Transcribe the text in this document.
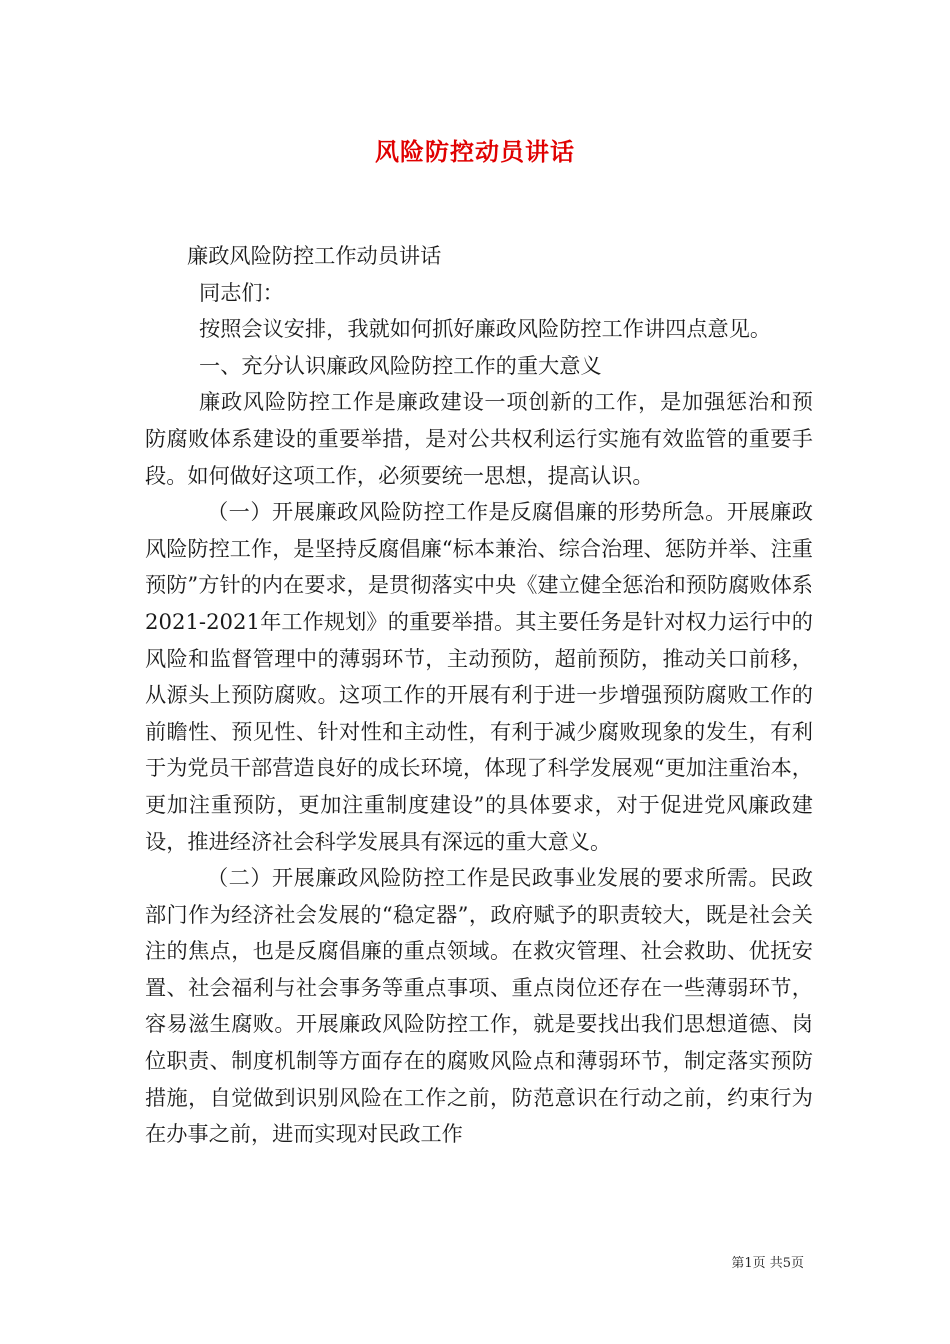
风险防控动员讲话

廉政风险防控工作动员讲话

同志们：

按照会议安排，我就如何抓好廉政风险防控工作讲四点意见。

一、充分认识廉政风险防控工作的重大意义

廉政风险防控工作是廉政建设一项创新的工作，是加强惩治和预防腐败体系建设的重要举措，是对公共权利运行实施有效监管的重要手段。如何做好这项工作，必须要统一思想，提高认识。

（一）开展廉政风险防控工作是反腐倡廉的形势所急。开展廉政风险防控工作，是坚持反腐倡廉“标本兼治、综合治理、惩防并举、注重预防”方针的内在要求，是贯彻落实中央《建立健全惩治和预防腐败体系2021-2021年工作规划》的重要举措。其主要任务是针对权力运行中的风险和监督管理中的薄弱环节，主动预防，超前预防，推动关口前移，从源头上预防腐败。这项工作的开展有利于进一步增强预防腐败工作的前瞻性、预见性、针对性和主动性，有利于减少腐败现象的发生，有利于为党员干部营造良好的成长环境，体现了科学发展观“更加注重治本，更加注重预防，更加注重制度建设”的具体要求，对于促进党风廉政建设，推进经济社会科学发展具有深远的重大意义。

（二）开展廉政风险防控工作是民政事业发展的要求所需。民政部门作为经济社会发展的“稳定器”，政府赋予的职责较大，既是社会关注的焦点，也是反腐倡廉的重点领域。在救灾管理、社会救助、优抚安置、社会福利与社会事务等重点事项、重点岗位还存在一些薄弱环节，容易滋生腐败。开展廉政风险防控工作，就是要找出我们思想道德、岗位职责、制度机制等方面存在的腐败风险点和薄弱环节，制定落实预防措施，自觉做到识别风险在工作之前，防范意识在行动之前，约束行为在办事之前，进而实现对民政工作

第1页 共5页
